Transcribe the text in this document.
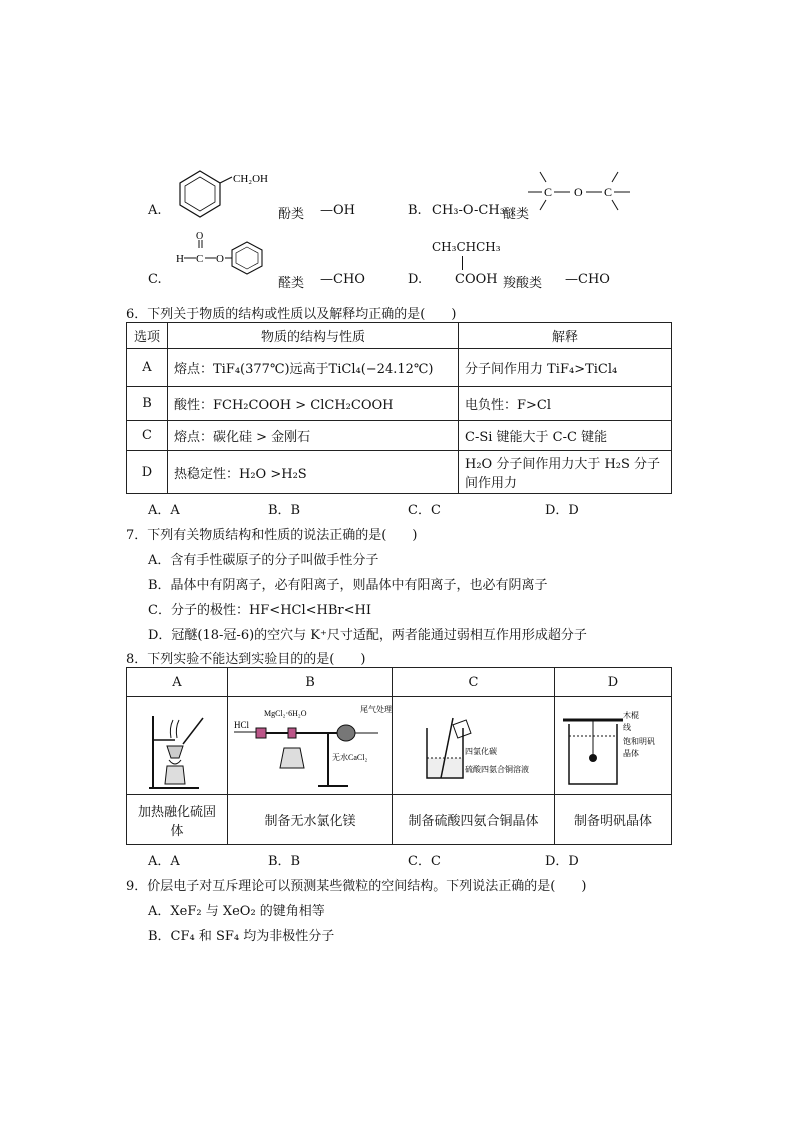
A.
CH₂OH
酚类 —OH	B. CH₃-O-CH₃
醚类
C O C
C.
H C
O
O
醛类 —CHO	D.
CH₃CHCH₃
COOH 羧酸类 —CHO
6．下列关于物质的结构或性质以及解释均正确的是(　　)
选项	物质的结构与性质	解释
A	熔点：TiF₄(377℃)远高于TiCl₄(−24.12℃)	分子间作用力 TiF₄>TiCl₄
B	酸性：FCH₂COOH > ClCH₂COOH	电负性：F>Cl
C	熔点：碳化硅 > 金刚石	C-Si 键能大于 C-C 键能
D	热稳定性：H₂O >H₂S	H₂O 分子间作用力大于 H₂S 分子间作用力
A．A	B．B	C．C	D．D
7．下列有关物质结构和性质的说法正确的是(　　)
A．含有手性碳原子的分子叫做手性分子
B．晶体中有阴离子，必有阳离子，则晶体中有阳离子，也必有阴离子
C．分子的极性：HF<HCl<HBr<HI
D．冠醚(18-冠-6)的空穴与 K⁺尺寸适配，两者能通过弱相互作用形成超分子
8．下列实验不能达到实验目的的是(　　)
A	B	C	D

HCl
MgCl₂·6H₂O 尾气处理
无水CaCl₂	四氯化碳
硫酸四氨合铜溶液	木棍
线
饱和明矾
晶体

加热融化硫固体	制备无水氯化镁	制备硫酸四氨合铜晶体	制备明矾晶体
A．A	B．B	C．C	D．D
9．价层电子对互斥理论可以预测某些微粒的空间结构。下列说法正确的是(　　)
A．XeF₂ 与 XeO₂ 的键角相等
B．CF₄ 和 SF₄ 均为非极性分子
